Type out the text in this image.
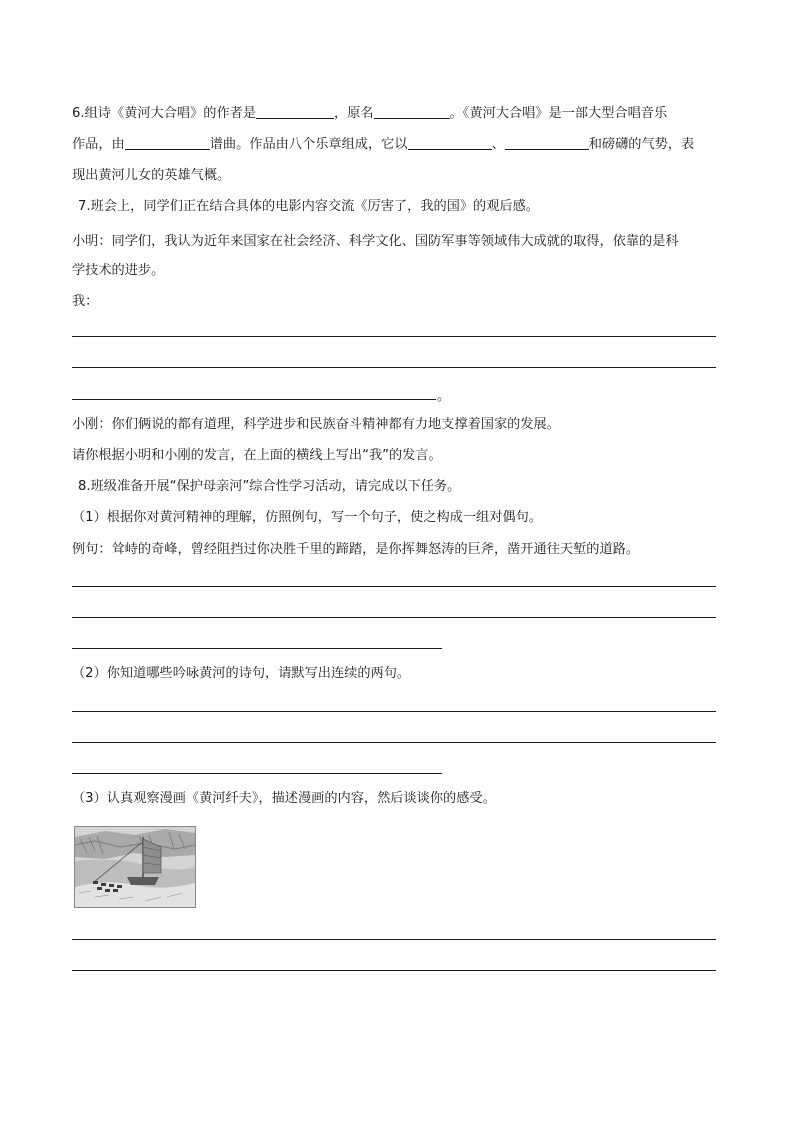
6.组诗《黄河大合唱》的作者是	，原名	。《黄河大合唱》是一部大型合唱音乐
作品，由	谱曲。作品由八个乐章组成，它以	、	和磅礴的气势，表
现出黄河儿女的英雄气概。
7.班会上，同学们正在结合具体的电影内容交流《厉害了，我的国》的观后感。
小明：同学们，我认为近年来国家在社会经济、科学文化、国防军事等领域伟大成就的取得，依靠的是科
学技术的进步。
我：
。
小刚：你们俩说的都有道理，科学进步和民族奋斗精神都有力地支撑着国家的发展。
请你根据小明和小刚的发言，在上面的横线上写出“我”的发言。
8.班级准备开展“保护母亲河”综合性学习活动，请完成以下任务。
（1）根据你对黄河精神的理解，仿照例句，写一个句子，使之构成一组对偶句。
例句：耸峙的奇峰，曾经阻挡过你决胜千里的蹄踏，是你挥舞怒涛的巨斧，凿开通往天堑的道路。
（2）你知道哪些吟咏黄河的诗句，请默写出连续的两句。
（3）认真观察漫画《黄河纤夫》，描述漫画的内容，然后谈谈你的感受。
